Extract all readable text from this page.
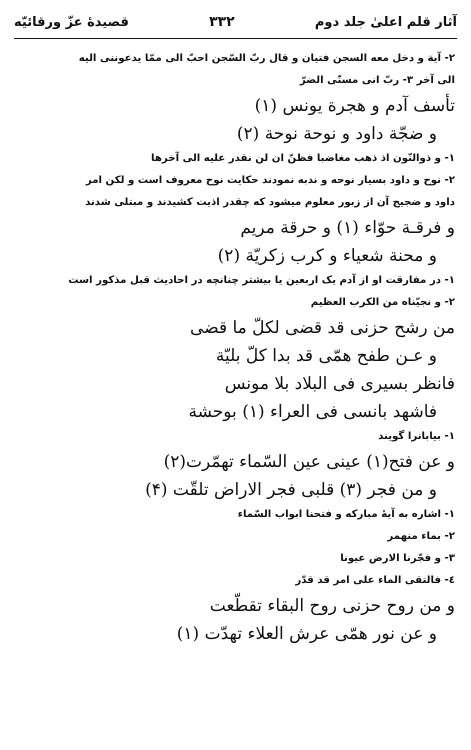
آثار قلم اعلیٰ جلد دوم
۳۳۲
قصیدهٔ عزّ ورقائیّه
۲- آیة و دخل معه السجن فتیان و قال ربّ السّجن احبّ الی ممّا یدعوننی الیه
الی آخر ۳- ربّ انی مسنّی الضرّ
تأسف آدم و هجرة یونس (۱)
و ضجّة داود و نوحة نوحة (۲)
۱- و ذوالنّون اذ ذهب مغاضبا فظنّ ان لن نقدر علیه الی آخرها
۲- نوح و داود بسیار نوحه و ندبه نمودند حکایت نوح معروف است و لکن امر
داود و ضجیج آن از زبور معلوم میشود که چقدر اذیت کشیدند و مبتلی شدند
و فرقـة حوّاء (۱) و حرقة مریم
و محنة شعیاء و کرب زکریّة (۲)
۱- در مفارقت او از آدم یک اربعین یا بیشتر چنانچه در احادیث قبل مذکور است
۲- و نجیّناه من الکرب العظیم
من رشح حزنی قد قضی لکلّ ما قضی
و عـن طفح همّی قد بدا کلّ بلیّة
فانظر بسیری فی البلاد بلا مونس
فاشهد بانسی فی العراء (۱) بوحشة
۱- بیابانرا گویند
و عن فتح(۱) عینی عین السّماء تهمّرت(۲)
و من فجر (۳) قلبی فجر الاراض تلقّت (۴)
۱- اشاره به آیهٔ مبارکه و فتحنا ابواب السّماء
۲- بماء منهمر
۳- و فجّرنا الارض عیونا
٤- فالتقی الماء علی امر قد قدّر
و من روح حزنی روح البقاء تقطّعت
و عن نور همّی عرش العلاء تهدّت (۱)
